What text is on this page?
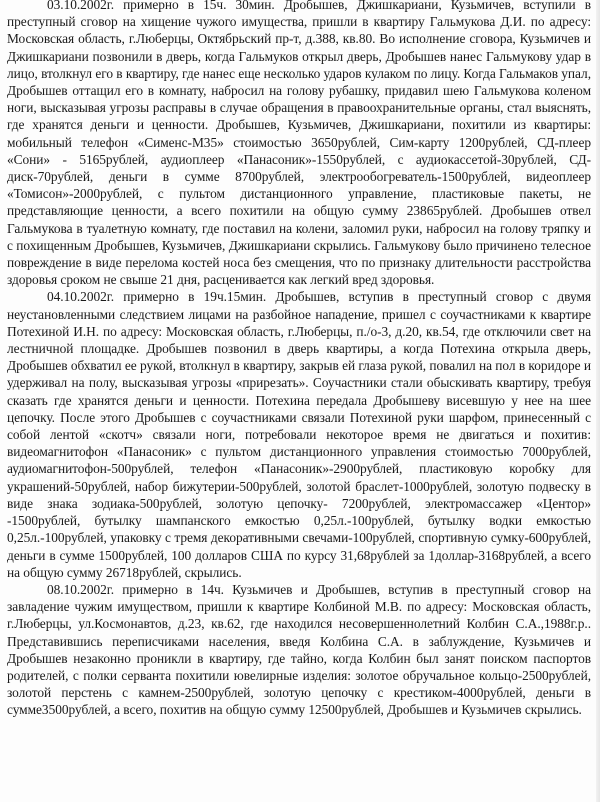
03.10.2002г. примерно в 15ч. 30мин. Дробышев, Джишкариани, Кузьмичев, вступили в преступный сговор на хищение чужого имущества, пришли в квартиру Гальмукова Д.И. по адресу: Московская область, г.Люберцы, Октябрьский пр-т, д.388, кв.80. Во исполнение сговора, Кузьмичев и Джишкариани позвонили в дверь, когда Гальмуков открыл дверь, Дробышев нанес Гальмукову удар в лицо, втолкнул его в квартиру, где нанес еще несколько ударов кулаком по лицу. Когда Гальмаков упал, Дробышев оттащил его в комнату, набросил на голову рубашку, придавил шею Гальмукова коленом ноги, высказывая угрозы расправы в случае обращения в правоохранительные органы, стал выяснять, где хранятся деньги и ценности. Дробышев, Кузьмичев, Джишкариани, похитили из квартиры: мобильный телефон «Сименс-М35» стоимостью 3650рублей, Сим-карту 1200рублей, СД-плеер «Сони» - 5165рублей, аудиоплеер «Панасоник»-1550рублей, с аудиокассетой-30рублей, СД-диск-70рублей, деньги в сумме 8700рублей, электрообогреватель-1500рублей, видеоплеер «Томисон»-2000рублей, с пультом дистанционного управление, пластиковые пакеты, не представляющие ценности, а всего похитили на общую сумму 23865рублей. Дробышев отвел Гальмукова в туалетную комнату, где поставил на колени, заломил руки, набросил на голову тряпку и с похищенным Дробышев, Кузьмичев, Джишкариани скрылись. Гальмукову было причинено телесное повреждение в виде перелома костей носа без смещения, что по признаку длительности расстройства здоровья сроком не свыше 21 дня, расценивается как легкий вред здоровья.

04.10.2002г. примерно в 19ч.15мин. Дробышев, вступив в преступный сговор с двумя неустановленными следствием лицами на разбойное нападение, пришел с соучастниками к квартире Потехиной И.Н. по адресу: Московская область, г.Люберцы, п./о-3, д.20, кв.54, где отключили свет на лестничной площадке. Дробышев позвонил в дверь квартиры, а когда Потехина открыла дверь, Дробышев обхватил ее рукой, втолкнул в квартиру, закрыв ей глаза рукой, повалил на пол в коридоре и удерживал на полу, высказывая угрозы «прирезать». Соучастники стали обыскивать квартиру, требуя сказать где хранятся деньги и ценности. Потехина передала Дробышеву висевшую у нее на шее цепочку. После этого Дробышев с соучастниками связали Потехиной руки шарфом, принесенный с собой лентой «скотч» связали ноги, потребовали некоторое время не двигаться и похитив: видеомагнитофон «Панасоник» с пультом дистанционного управления стоимостью 7000рублей, аудиомагнитофон-500рублей, телефон «Панасоник»-2900рублей, пластиковую коробку для украшений-50рублей, набор бижутерии-500рублей, золотой браслет-1000рублей, золотую подвеску в виде знака зодиака-500рублей, золотую цепочку- 7200рублей, электромассажер «Центор» -1500рублей, бутылку шампанского емкостью 0,25л.-100рублей, бутылку водки емкостью 0,25л.-100рублей, упаковку с тремя декоративными свечами-100рублей, спортивную сумку-600рублей, деньги в сумме 1500рублей, 100 долларов США по курсу 31,68рублей за 1доллар-3168рублей, а всего на общую сумму 26718рублей, скрылись.

08.10.2002г. примерно в 14ч. Кузьмичев и Дробышев, вступив в преступный сговор на завладение чужим имуществом, пришли к квартире Колбиной М.В. по адресу: Московская область, г.Люберцы, ул.Космонавтов, д.23, кв.62, где находился несовершеннолетний Колбин С.А.,1988г.р.. Представившись переписчиками населения, введя Колбина С.А. в заблуждение, Кузьмичев и Дробышев незаконно проникли в квартиру, где тайно, когда Колбин был занят поиском паспортов родителей, с полки серванта похитили ювелирные изделия: золотое обручальное кольцо-2500рублей, золотой перстень с камнем-2500рублей, золотую цепочку с крестиком-4000рублей, деньги в сумме3500рублей, а всего, похитив на общую сумму 12500рублей, Дробышев и Кузьмичев скрылись.
